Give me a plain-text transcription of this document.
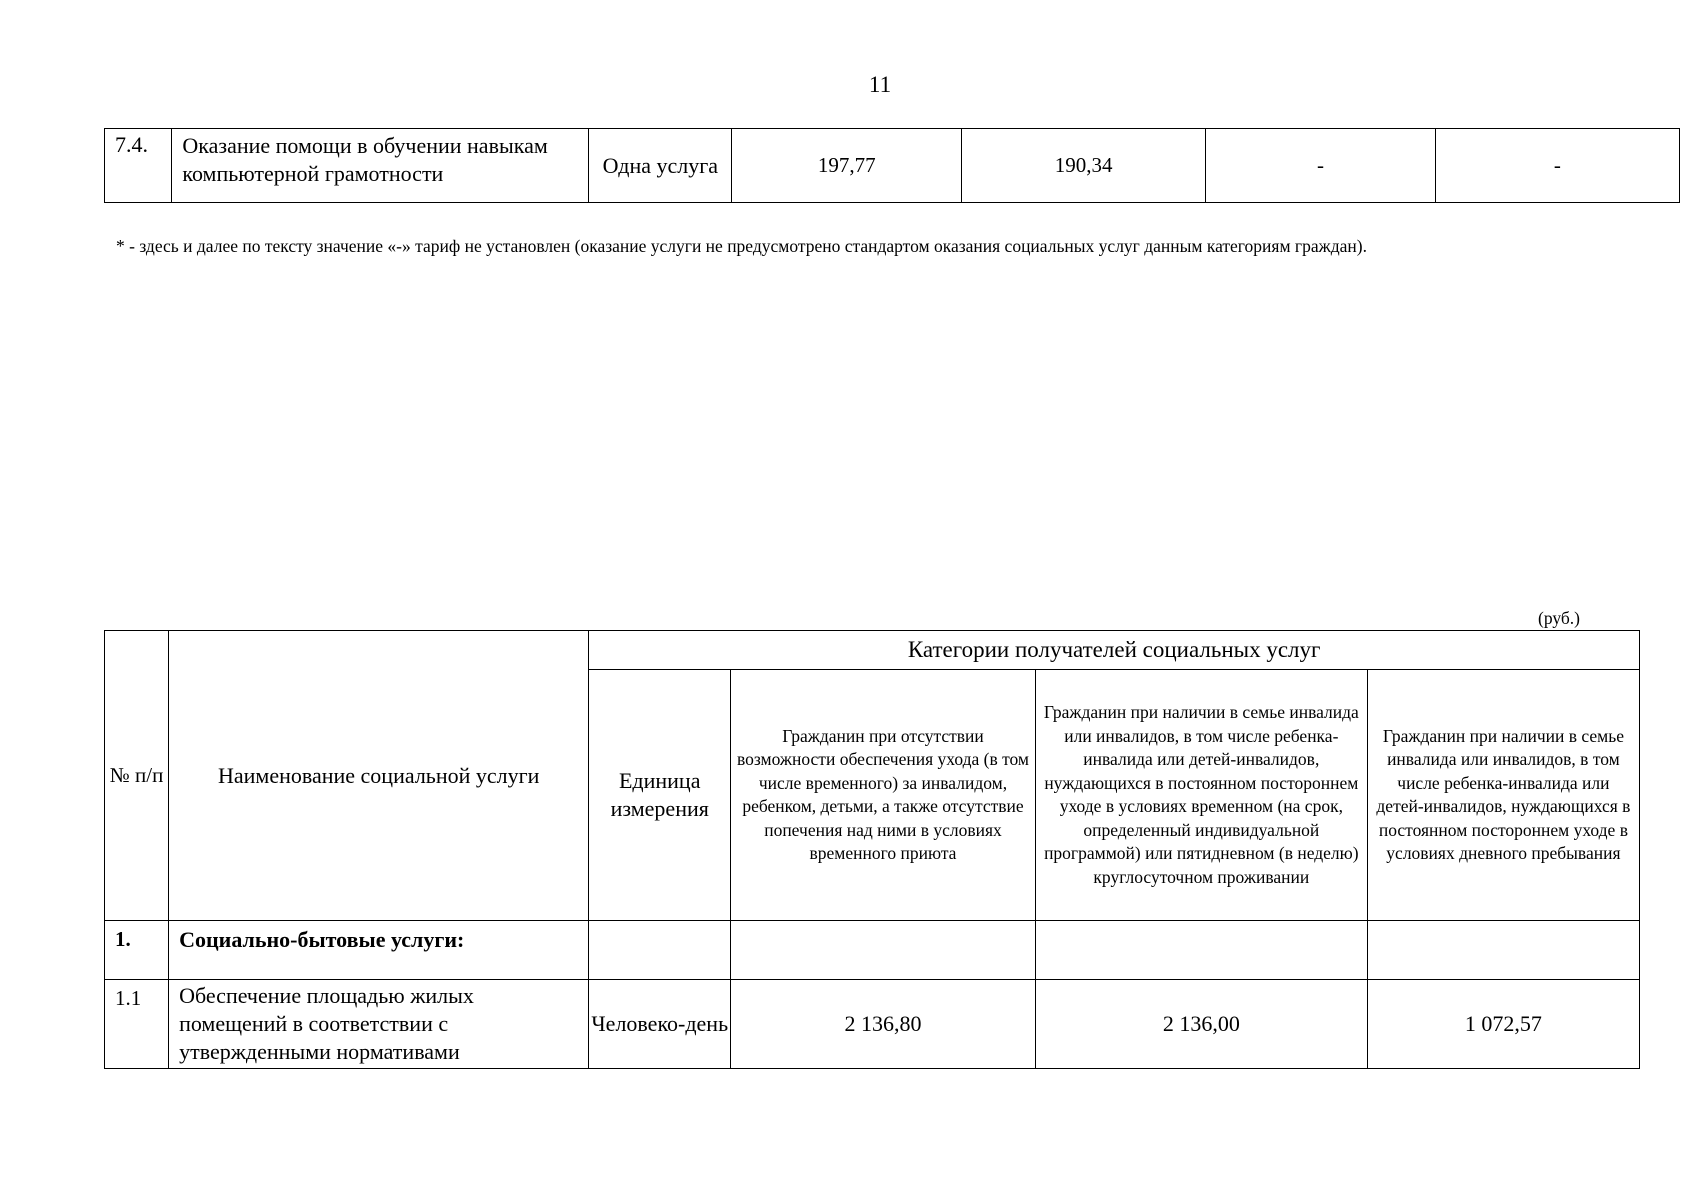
11
7.4.	Оказание помощи в обучении навыкам компьютерной грамотности	Одна услуга	197,77	190,34	-	-
* - здесь и далее по тексту значение «-» тариф не установлен (оказание услуги не предусмотрено стандартом оказания социальных услуг данным категориям граждан).
(руб.)
№ п/п	Наименование социальной услуги	Категории получателей социальных услуг			
		Единица измерения	Гражданин при отсутствии возможности обеспечения ухода (в том числе временного) за инвалидом, ребенком, детьми, а также отсутствие попечения над ними в условиях временного приюта	Гражданин при наличии в семье инвалида или инвалидов, в том числе ребенка-инвалида или детей-инвалидов, нуждающихся в постоянном постороннем уходе в условиях временном (на срок, определенный индивидуальной программой) или пятидневном (в неделю) круглосуточном проживании	Гражданин при наличии в семье инвалида или инвалидов, в том числе ребенка-инвалида или детей-инвалидов, нуждающихся в постоянном постороннем уходе в условиях дневного пребывания
1.	Социально-бытовые услуги:				
1.1	Обеспечение площадью жилых помещений в соответствии с утвержденными нормативами	Человеко-день	2 136,80	2 136,00	1 072,57
